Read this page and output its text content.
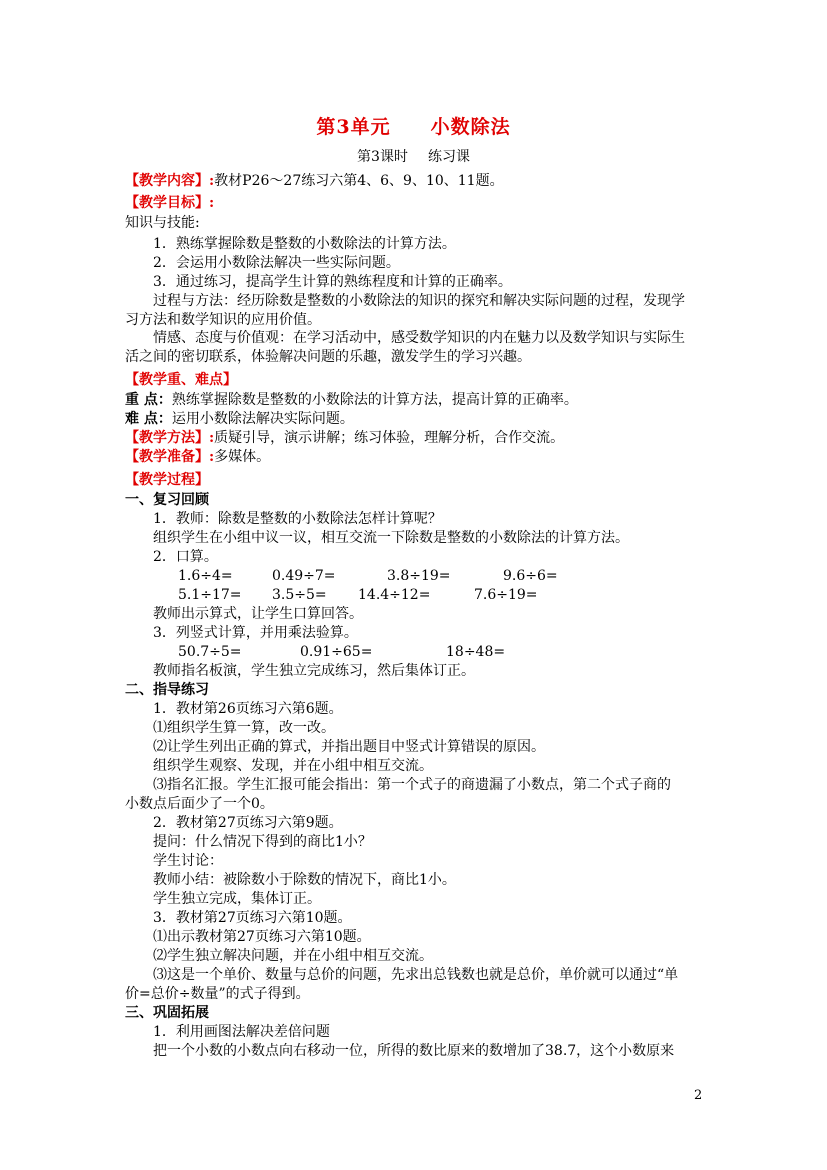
第3单元 小数除法
第3课时 练习课
【教学内容】:教材P26～27练习六第4、6、9、10、11题。
【教学目标】:
知识与技能:
1．熟练掌握除数是整数的小数除法的计算方法。
2．会运用小数除法解决一些实际问题。
3．通过练习，提高学生计算的熟练程度和计算的正确率。
过程与方法：经历除数是整数的小数除法的知识的探究和解决实际问题的过程，发现学
习方法和数学知识的应用价值。
情感、态度与价值观：在学习活动中，感受数学知识的内在魅力以及数学知识与实际生
活之间的密切联系，体验解决问题的乐趣，激发学生的学习兴趣。
【教学重、难点】
重 点：熟练掌握除数是整数的小数除法的计算方法，提高计算的正确率。
难 点：运用小数除法解决实际问题。
【教学方法】:质疑引导，演示讲解；练习体验，理解分析，合作交流。
【教学准备】:多媒体。
【教学过程】
一、复习回顾
1．教师：除数是整数的小数除法怎样计算呢？
组织学生在小组中议一议，相互交流一下除数是整数的小数除法的计算方法。
2．口算。
1.6÷4=	0.49÷7=	3.8÷19=	9.6÷6=
5.1÷17= 3.5÷5= 14.4÷12=	7.6÷19=
教师出示算式，让学生口算回答。
3．列竖式计算，并用乘法验算。
50.7÷5=	0.91÷65=	18÷48=
教师指名板演，学生独立完成练习，然后集体订正。
二、指导练习
1．教材第26页练习六第6题。
⑴组织学生算一算，改一改。
⑵让学生列出正确的算式，并指出题目中竖式计算错误的原因。
组织学生观察、发现，并在小组中相互交流。
⑶指名汇报。学生汇报可能会指出：第一个式子的商遗漏了小数点，第二个式子商的
小数点后面少了一个0。
2．教材第27页练习六第9题。
提问：什么情况下得到的商比1小？
学生讨论：
教师小结：被除数小于除数的情况下，商比1小。
学生独立完成，集体订正。
3．教材第27页练习六第10题。
⑴出示教材第27页练习六第10题。
⑵学生独立解决问题，并在小组中相互交流。
⑶这是一个单价、数量与总价的问题，先求出总钱数也就是总价，单价就可以通过“单
价=总价÷数量”的式子得到。
三、巩固拓展
1．利用画图法解决差倍问题
把一个小数的小数点向右移动一位，所得的数比原来的数增加了38.7，这个小数原来
2
